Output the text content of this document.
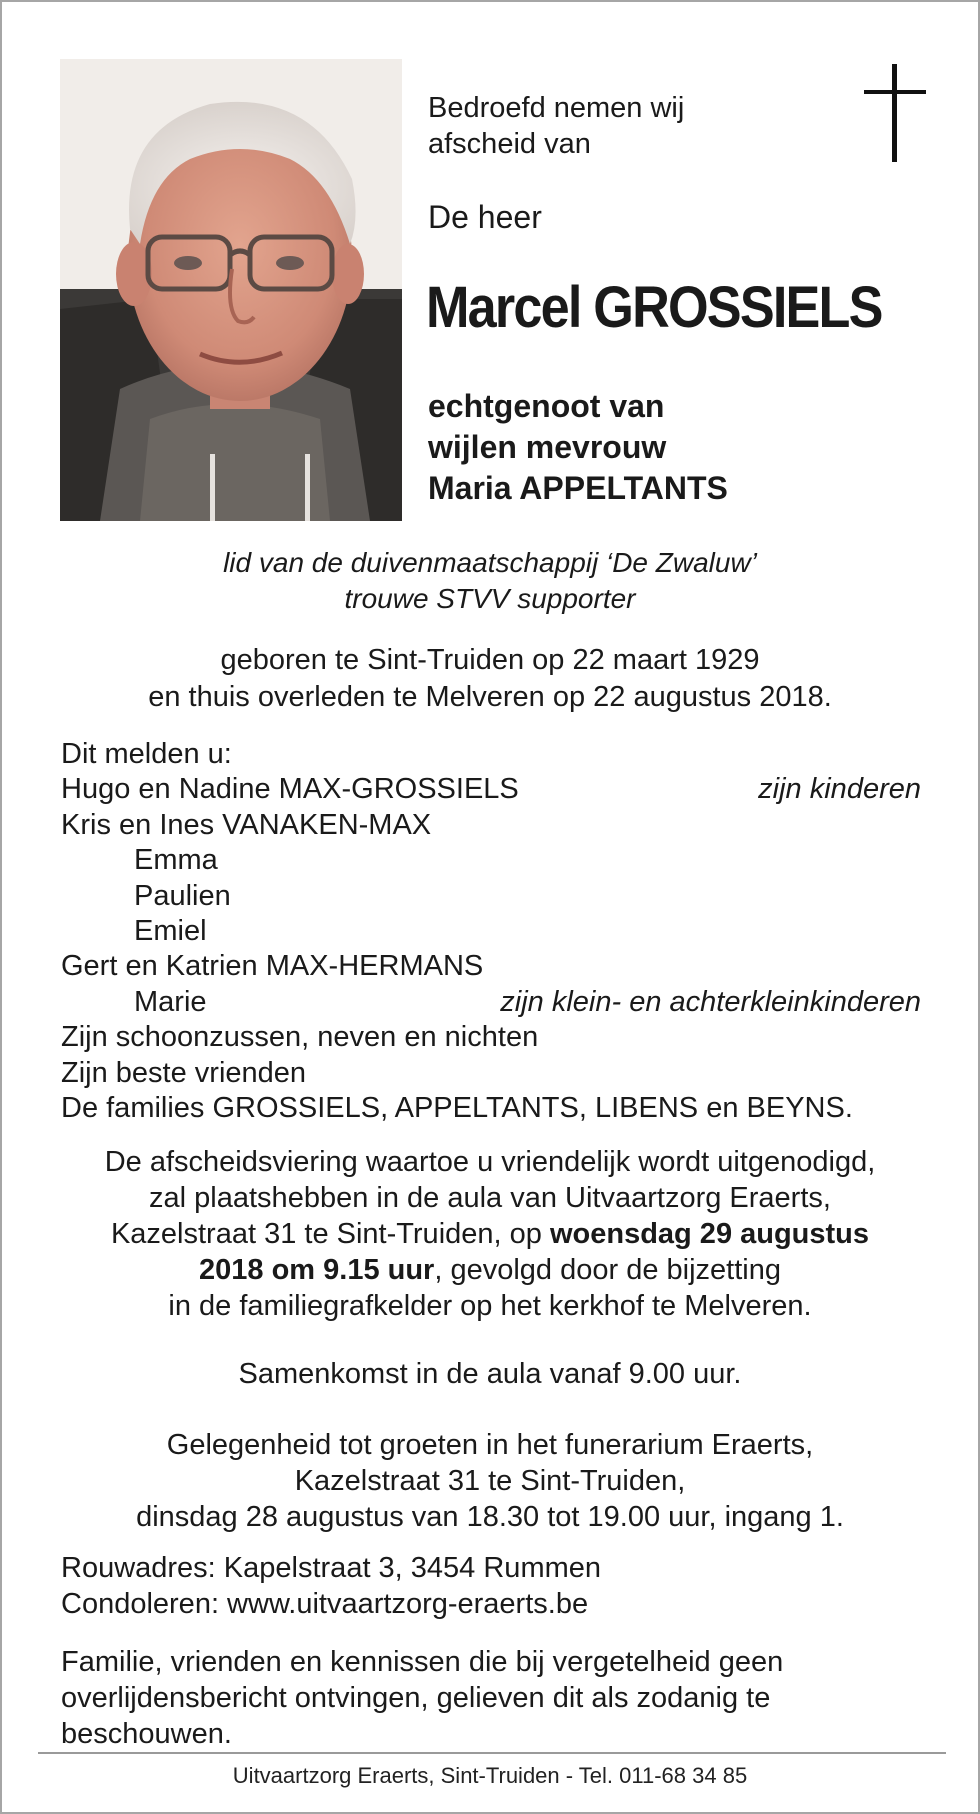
Bedroefd nemen wij
afscheid van
De heer
Marcel GROSSIELS
echtgenoot van
wijlen mevrouw
Maria APPELTANTS
lid van de duivenmaatschappij ‘De Zwaluw’
trouwe STVV supporter
geboren te Sint-Truiden op 22 maart 1929
en thuis overleden te Melveren op 22 augustus 2018.
Dit melden u:
Hugo en Nadine MAX-GROSSIELS	zijn kinderen
Kris en Ines VANAKEN-MAX
Emma
Paulien
Emiel
Gert en Katrien MAX-HERMANS
Marie	zijn klein- en achterkleinkinderen
Zijn schoonzussen, neven en nichten
Zijn beste vrienden
De families GROSSIELS, APPELTANTS, LIBENS en BEYNS.
De afscheidsviering waartoe u vriendelijk wordt uitgenodigd,
zal plaatshebben in de aula van Uitvaartzorg Eraerts,
Kazelstraat 31 te Sint-Truiden, op woensdag 29 augustus
2018 om 9.15 uur, gevolgd door de bijzetting
in de familiegrafkelder op het kerkhof te Melveren.
Samenkomst in de aula vanaf 9.00 uur.
Gelegenheid tot groeten in het funerarium Eraerts,
Kazelstraat 31 te Sint-Truiden,
dinsdag 28 augustus van 18.30 tot 19.00 uur, ingang 1.
Rouwadres: Kapelstraat 3, 3454 Rummen
Condoleren: www.uitvaartzorg-eraerts.be
Familie, vrienden en kennissen die bij vergetelheid geen
overlijdensbericht ontvingen, gelieven dit als zodanig te
beschouwen.
Uitvaartzorg Eraerts, Sint-Truiden - Tel. 011-68 34 85
